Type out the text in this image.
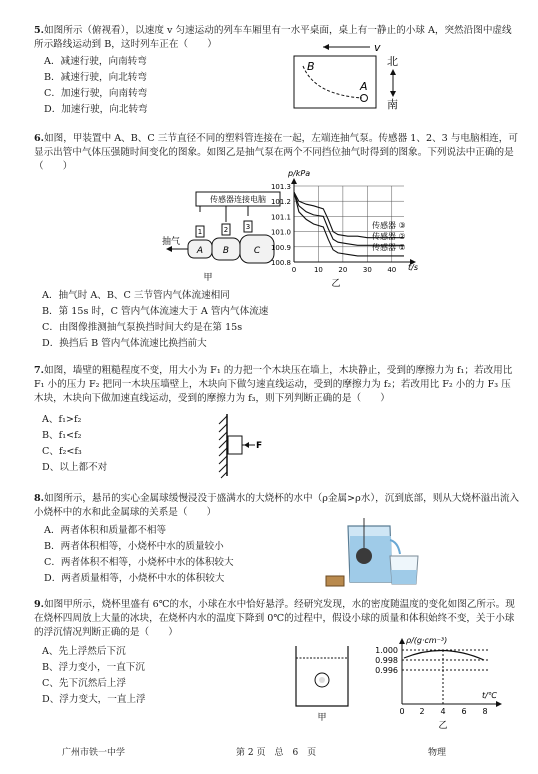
5.如图所示（俯视看），以速度 v 匀速运动的列车车厢里有一水平桌面，桌上有一静止的小球 A，突然沿图中虚线所示路线运动到 B，这时列车正在（　　）

A．减速行驶，向南转弯
B．减速行驶，向北转弯
C．加速行驶，向南转弯
D．加速行驶，向北转弯
v
B
A
北
南

6.如图，甲装置中 A、B、C 三节直径不同的塑料管连接在一起，左端连抽气泵。传感器 1、2、3 与电脑相连，可显示出管中气体压强随时间变化的图象。如图乙是抽气泵在两个不同挡位抽气时得到的图象。下列说法中正确的是（　　）

传感器连接电脑
1	2	3
A B	C
抽气
甲
101.3
101.2
101.1
101.0
100.9
100.8
0	10 20 30 40
p/kPa
t/s
传感器 ③
传感器 ②
传感器 ①
乙
A．抽气时 A、B、C 三节管内气体流速相同
B．第 15s 时，C 管内气体流速大于 A 管内气体流速
C．由图像推测抽气泵换挡时间大约是在第 15s
D．换挡后 B 管内气体流速比换挡前大

7.如图，墙壁的粗糙程度不变，用大小为 F₁ 的力把一个木块压在墙上，木块静止，受到的摩擦力为 f₁；若改用比 F₁ 小的压力 F₂ 把同一木块压墙壁上，木块向下做匀速直线运动，受到的摩擦力为 f₂；若改用比 F₂ 小的力 F₃ 压木块，木块向下做加速直线运动，受到的摩擦力为 f₃，则下列判断正确的是（　　）

A、f₁>f₂
B、f₁<f₂
C、f₂<f₃
D、以上都不对
F

8.如图所示，悬吊的实心金属球缓慢浸没于盛满水的大烧杯的水中（ρ金属>ρ水），沉到底部，则从大烧杯溢出流入小烧杯中的水和此金属球的关系是（　　）

A．两者体积和质量都不相等
B．两者体积相等，小烧杯中水的质量较小
C．两者体积不相等，小烧杯中水的体积较大
D．两者质量相等，小烧杯中水的体积较大

9.如图甲所示，烧杯里盛有 6℃的水，小球在水中恰好悬浮。经研究发现，水的密度随温度的变化如图乙所示。现在烧杯四周放上大量的冰块，在烧杯内水的温度下降到 0℃的过程中，假设小球的质量和体积始终不变，关于小球的浮沉情况判断正确的是（　　）

A、先上浮然后下沉
B、浮力变小，一直下沉
C、先下沉然后上浮
D、浮力变大，一直上浮
甲
ρ/(g·cm⁻³)
t/℃
1.000
0.998
0.996
0 2 4 6 8
乙
广州市铁一中学	第 2 页　总　6　页	物理
